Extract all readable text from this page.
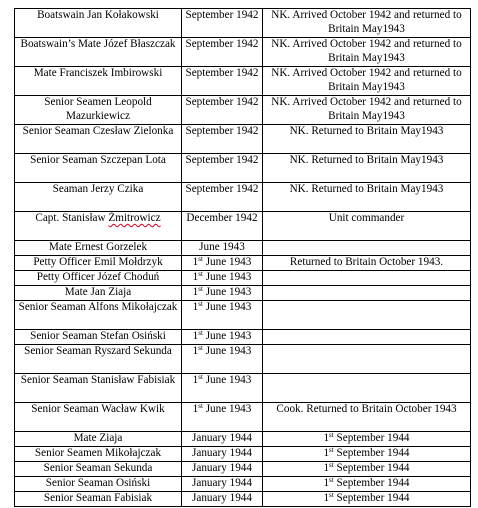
Boatswain Jan Kołakowski	September 1942	NK. Arrived October 1942 and returned to Britain May1943
Boatswain’s Mate Józef Błaszczak	September 1942	NK. Arrived October 1942 and returned to Britain May1943
Mate Franciszek Imbirowski	September 1942	NK. Arrived October 1942 and returned to Britain May1943
Senior Seamen Leopold Mazurkiewicz	September 1942	NK. Arrived October 1942 and returned to Britain May1943
Senior Seaman Czesław Zielonka	September 1942	NK. Returned to Britain May1943
Senior Seaman Szczepan Lota	September 1942	NK. Returned to Britain May1943
Seaman Jerzy Czika	September 1942	NK. Returned to Britain May1943
Capt. Stanisław Żmitrowicz	December 1942	Unit commander
Mate Ernest Gorzelek	June 1943	
Petty Officer Emil Mołdrzyk	1st June 1943	Returned to Britain October 1943.
Petty Officer Józef Choduń	1st June 1943	
Mate Jan Ziaja	1st June 1943	
Senior Seaman Alfons Mikołajczak	1st June 1943	
Senior Seaman Stefan Osiński	1st June 1943	
Senior Seaman Ryszard Sekunda	1st June 1943	
Senior Seaman Stanisław Fabisiak	1st June 1943	
Senior Seaman Wacław Kwik	1st June 1943	Cook. Returned to Britain October 1943
Mate Ziaja	January 1944	1st September 1944
Senior Seamen Mikołajczak	January 1944	1st September 1944
Senior Seaman Sekunda	January 1944	1st September 1944
Senior Seaman Osiński	January 1944	1st September 1944
Senior Seaman Fabisiak	January 1944	1st September 1944
